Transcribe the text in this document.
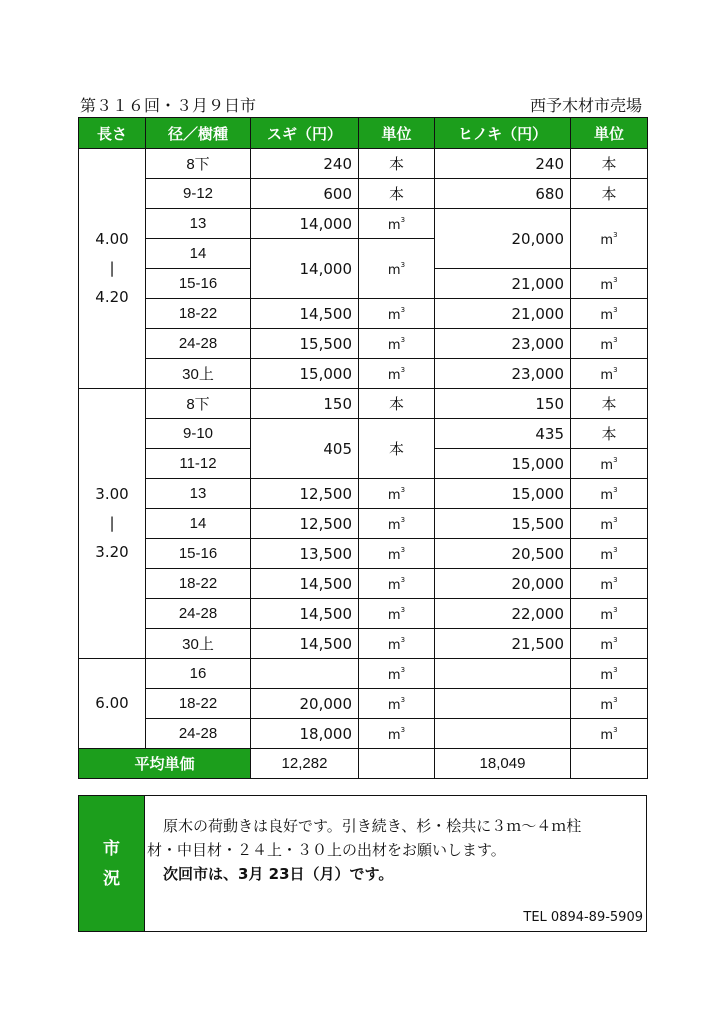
第３１６回・３月９日市	西予木材市売場
長さ	径／樹種	スギ（円）	単位	ヒノキ（円）	単位

4.00
|
4.20	8下	240	本	240	本
	9-12	600	本	680	本
	13	14,000	$m^3$	20,000	$m^3$
	14	14,000	$m^3$
	15-16			21,000	$m^3$
	18-22	14,500	$m^3$	21,000	$m^3$
	24-28	15,500	$m^3$	23,000	$m^3$
	30上	15,000	$m^3$	23,000	$m^3$

3.00
|
3.20	8下	150	本	150	本
	9-10	405	本	435	本
	11-12			15,000	$m^3$
	13	12,500	$m^3$	15,000	$m^3$
	14	12,500	$m^3$	15,500	$m^3$
	15-16	13,500	$m^3$	20,500	$m^3$
	18-22	14,500	$m^3$	20,000	$m^3$
	24-28	14,500	$m^3$	22,000	$m^3$
	30上	14,500	$m^3$	21,500	$m^3$
6.00	16		$m^3$		$m^3$
	18-22	20,000	$m^3$		$m^3$
	24-28	18,000	$m^3$		$m^3$
平均単価		12,282		18,049	
市
況
原木の荷動きは良好です。引き続き、杉・桧共に３ｍ〜４ｍ柱
材・中目材・２４上・３０上の出材をお願いします。
次回市は、3月 23日（月）です。
TEL 0894-89-5909
